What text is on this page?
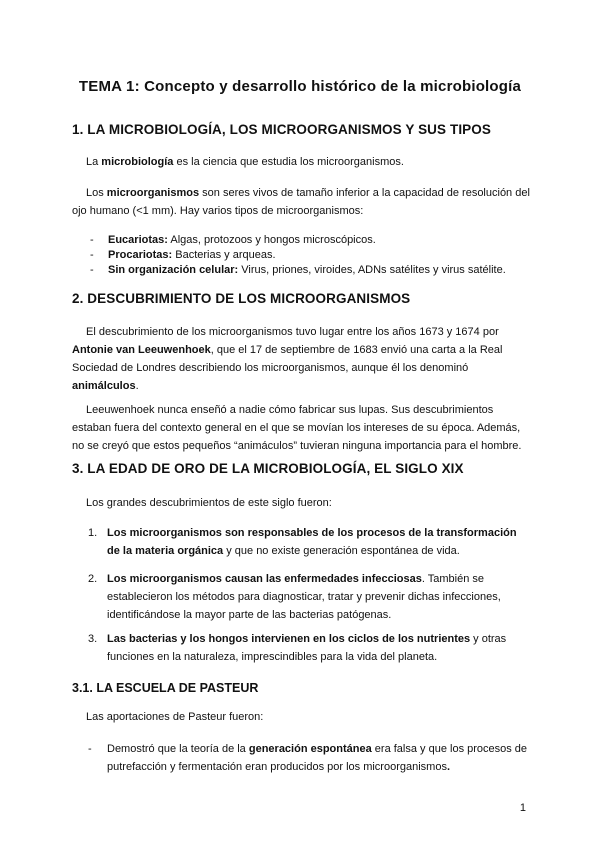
TEMA 1: Concepto y desarrollo histórico de la microbiología
1. LA MICROBIOLOGÍA, LOS MICROORGANISMOS Y SUS TIPOS

La microbiología es la ciencia que estudia los microorganismos.

Los microorganismos son seres vivos de tamaño inferior a la capacidad de resolución del ojo humano (<1 mm). Hay varios tipos de microorganismos:

-	Eucariotas: Algas, protozoos y hongos microscópicos.
-	Procariotas: Bacterias y arqueas.
-	Sin organización celular: Virus, priones, viroides, ADNs satélites y virus satélite.
2. DESCUBRIMIENTO DE LOS MICROORGANISMOS

El descubrimiento de los microorganismos tuvo lugar entre los años 1673 y 1674 por Antonie van Leeuwenhoek, que el 17 de septiembre de 1683 envió una carta a la Real Sociedad de Londres describiendo los microorganismos, aunque él los denominó animálculos.

Leeuwenhoek nunca enseñó a nadie cómo fabricar sus lupas. Sus descubrimientos estaban fuera del contexto general en el que se movían los intereses de su época. Además, no se creyó que estos pequeños “animáculos” tuvieran ninguna importancia para el hombre.

3. LA EDAD DE ORO DE LA MICROBIOLOGÍA, EL SIGLO XIX

Los grandes descubrimientos de este siglo fueron:

1. Los microorganismos son responsables de los procesos de la transformación de la materia orgánica y que no existe generación espontánea de vida.
2. Los microorganismos causan las enfermedades infecciosas. También se establecieron los métodos para diagnosticar, tratar y prevenir dichas infecciones, identificándose la mayor parte de las bacterias patógenas.
3. Las bacterias y los hongos intervienen en los ciclos de los nutrientes y otras funciones en la naturaleza, imprescindibles para la vida del planeta.
3.1. LA ESCUELA DE PASTEUR

Las aportaciones de Pasteur fueron:

-	Demostró que la teoría de la generación espontánea era falsa y que los procesos de putrefacción y fermentación eran producidos por los microorganismos.
1
